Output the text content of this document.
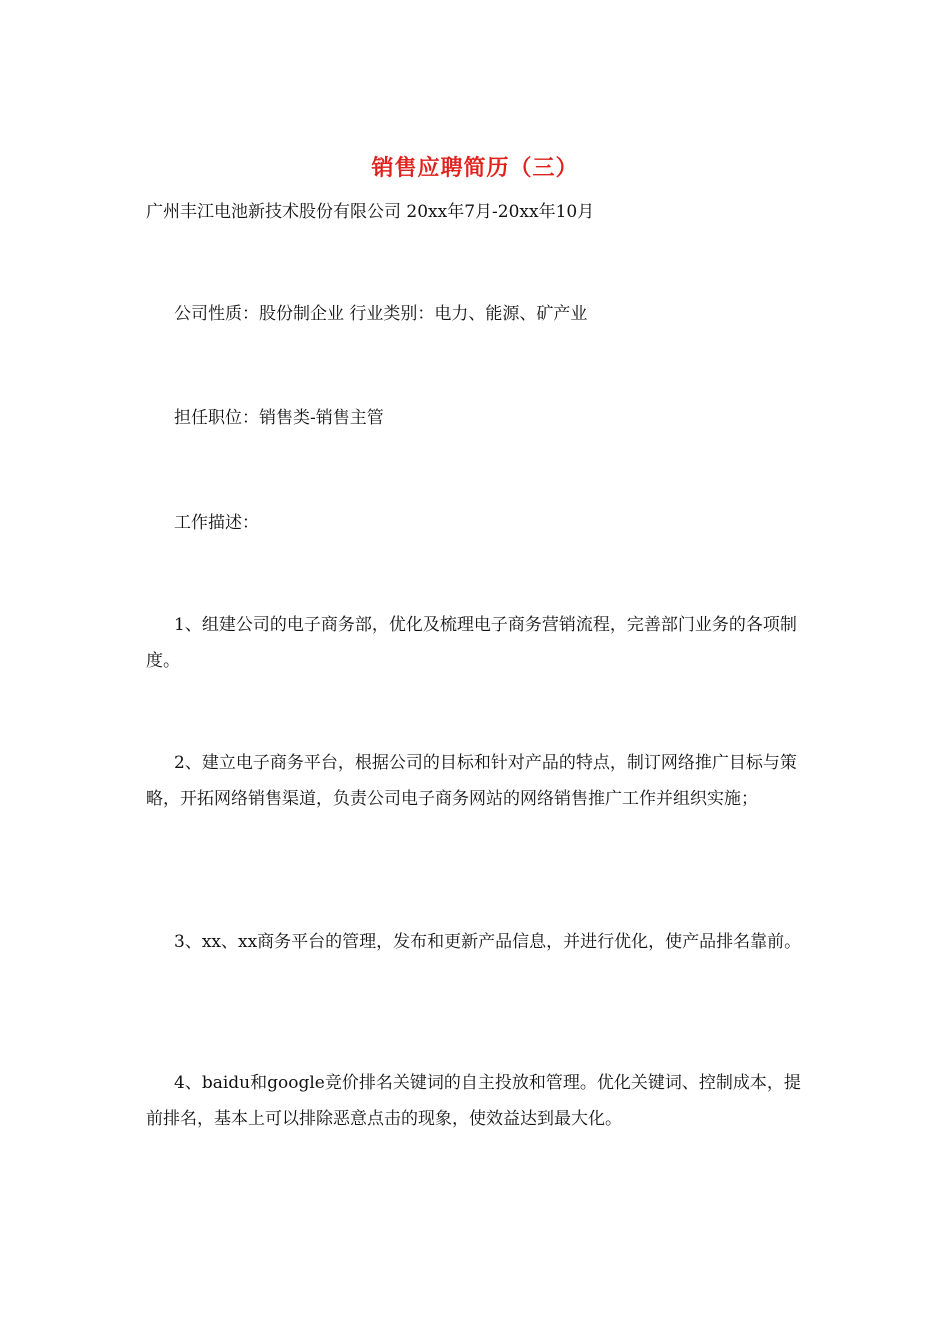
销售应聘简历（三）
广州丰江电池新技术股份有限公司 20xx年7月-20xx年10月
公司性质：股份制企业 行业类别：电力、能源、矿产业
担任职位：销售类-销售主管
工作描述：
1、组建公司的电子商务部，优化及梳理电子商务营销流程，完善部门业务的各项制度。
2、建立电子商务平台，根据公司的目标和针对产品的特点，制订网络推广目标与策略，开拓网络销售渠道，负责公司电子商务网站的网络销售推广工作并组织实施；
3、xx、xx商务平台的管理，发布和更新产品信息，并进行优化，使产品排名靠前。
4、baidu和google竞价排名关键词的自主投放和管理。优化关键词、控制成本，提前排名，基本上可以排除恶意点击的现象，使效益达到最大化。
